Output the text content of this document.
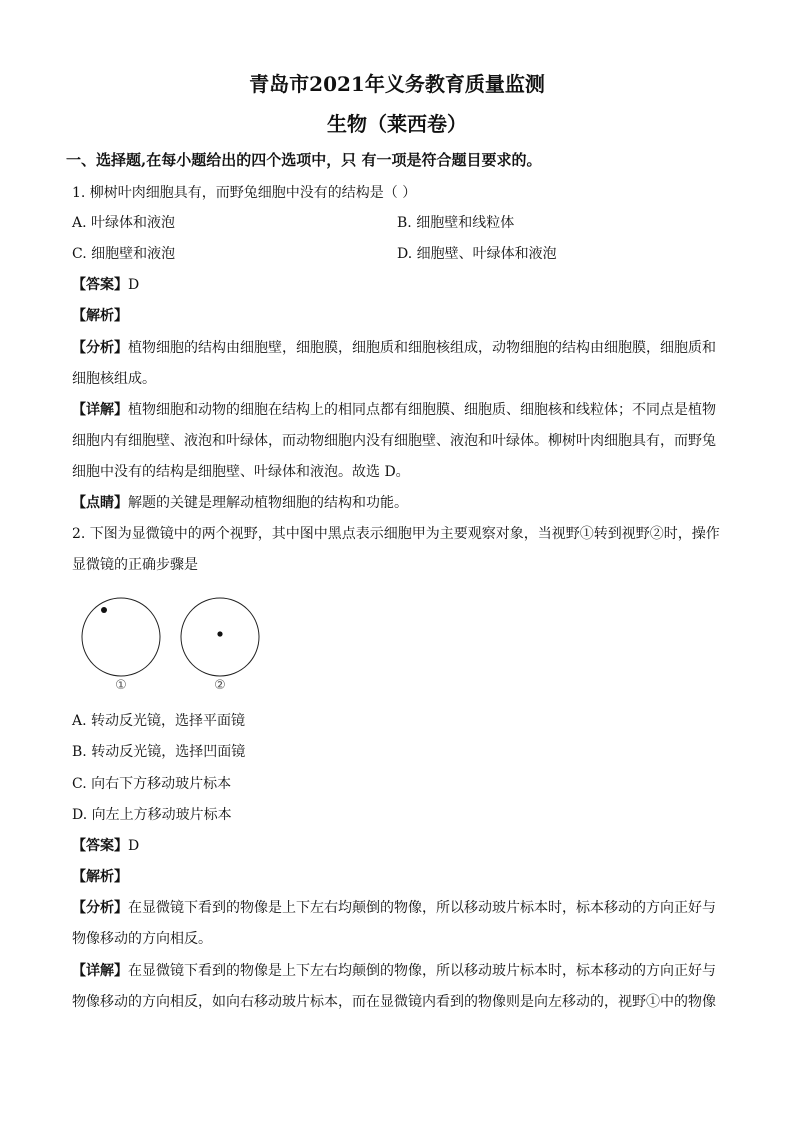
青岛市2021年义务教育质量监测
生物（莱西卷）
一、选择题,在每小题给出的四个选项中，只 有一项是符合题目要求的。
1. 柳树叶肉细胞具有，而野兔细胞中没有的结构是（ ）
A. 叶绿体和液泡	B. 细胞壁和线粒体
C. 细胞壁和液泡	D. 细胞壁、叶绿体和液泡
【答案】D
【解析】
【分析】植物细胞的结构由细胞壁，细胞膜，细胞质和细胞核组成，动物细胞的结构由细胞膜，细胞质和
细胞核组成。
【详解】植物细胞和动物的细胞在结构上的相同点都有细胞膜、细胞质、细胞核和线粒体；不同点是植物
细胞内有细胞壁、液泡和叶绿体，而动物细胞内没有细胞壁、液泡和叶绿体。柳树叶肉细胞具有，而野兔
细胞中没有的结构是细胞壁、叶绿体和液泡。故选 D。
【点睛】解题的关键是理解动植物细胞的结构和功能。
2. 下图为显微镜中的两个视野，其中图中黑点表示细胞甲为主要观察对象，当视野①转到视野②时，操作
显微镜的正确步骤是
①	②
A. 转动反光镜，选择平面镜
B. 转动反光镜，选择凹面镜
C. 向右下方移动玻片标本
D. 向左上方移动玻片标本
【答案】D
【解析】
【分析】在显微镜下看到的物像是上下左右均颠倒的物像，所以移动玻片标本时，标本移动的方向正好与
物像移动的方向相反。
【详解】在显微镜下看到的物像是上下左右均颠倒的物像，所以移动玻片标本时，标本移动的方向正好与
物像移动的方向相反，如向右移动玻片标本，而在显微镜内看到的物像则是向左移动的，视野①中的物像
